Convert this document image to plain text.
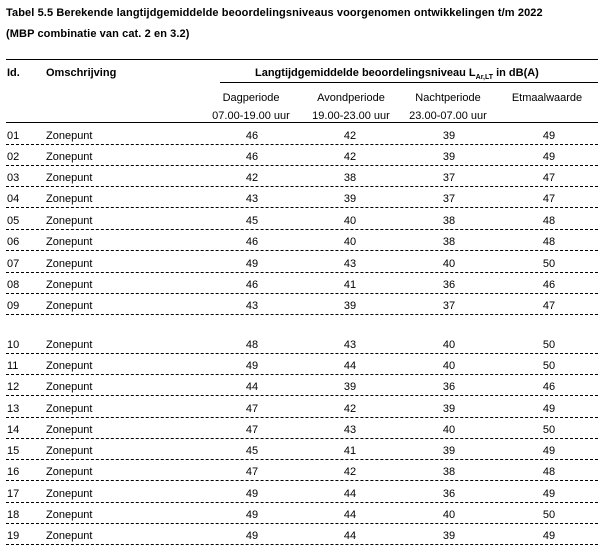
Tabel 5.5 Berekende langtijdgemiddelde beoordelingsniveaus voorgenomen ontwikkelingen t/m 2022
(MBP combinatie van cat. 2 en 3.2)
Id. Omschrijving	Langtijdgemiddelde beoordelingsniveau $L_{Ar,LT}$ in dB(A)
Dagperiode	Avondperiode	Nachtperiode	Etmaalwaarde
07.00-19.00 uur 19.00-23.00 uur 23.00-07.00 uur
01 Zonepunt	46	42	39	49
02 Zonepunt	46	42	39	49
03 Zonepunt	42	38	37	47
04 Zonepunt	43	39	37	47
05 Zonepunt	45	40	38	48
06 Zonepunt	46	40	38	48
07 Zonepunt	49	43	40	50
08 Zonepunt	46	41	36	46
09 Zonepunt	43	39	37	47
10 Zonepunt	48	43	40	50
11	Zonepunt	49	44	40	50
12 Zonepunt	44	39	36	46
13 Zonepunt	47	42	39	49
14 Zonepunt	47	43	40	50
15 Zonepunt	45	41	39	49
16 Zonepunt	47	42	38	48
17 Zonepunt	49	44	36	49
18 Zonepunt	49	44	40	50
19 Zonepunt	49	44	39	49
